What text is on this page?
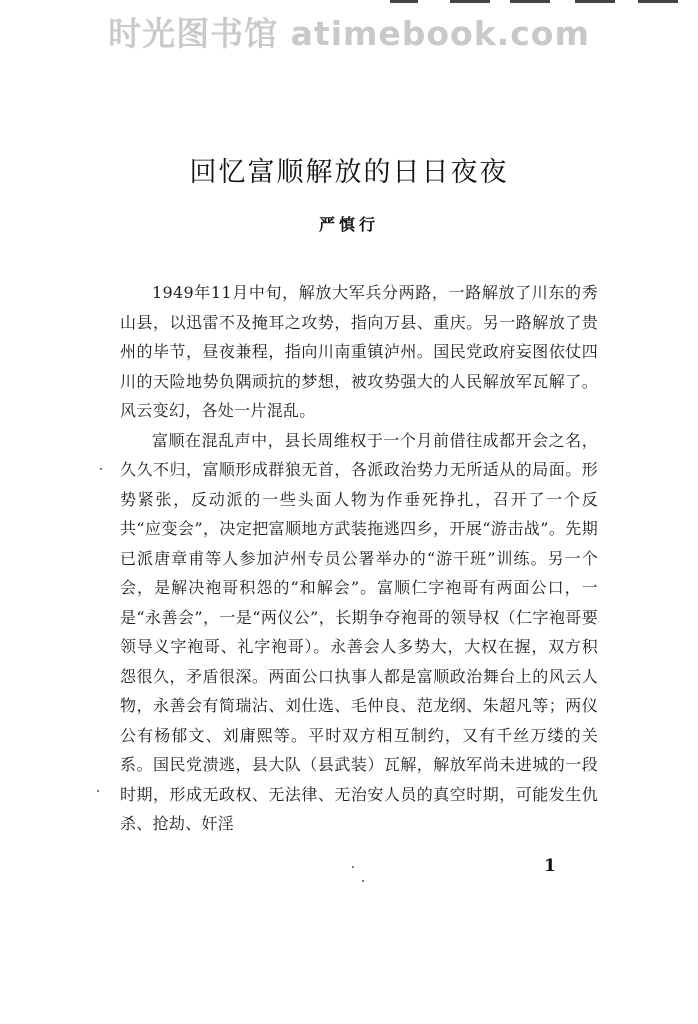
时光图书馆 atimebook.com
回忆富顺解放的日日夜夜
严慎行

1949年11月中旬，解放大军兵分两路，一路解放了川东的秀山县，以迅雷不及掩耳之攻势，指向万县、重庆。另一路解放了贵州的毕节，昼夜兼程，指向川南重镇泸州。国民党政府妄图依仗四川的天险地势负隅顽抗的梦想，被攻势强大的人民解放军瓦解了。风云变幻，各处一片混乱。

富顺在混乱声中，县长周维权于一个月前借往成都开会之名，久久不归，富顺形成群狼无首，各派政治势力无所适从的局面。形势紧张，反动派的一些头面人物为作垂死挣扎，召开了一个反共“应变会”，决定把富顺地方武装拖逃四乡，开展“游击战”。先期已派唐章甫等人参加泸州专员公署举办的“游干班”训练。另一个会，是解决袍哥积怨的“和解会”。富顺仁字袍哥有两面公口，一是“永善会”，一是“两仪公”，长期争夺袍哥的领导权（仁字袍哥要领导义字袍哥、礼字袍哥）。永善会人多势大，大权在握，双方积怨很久，矛盾很深。两面公口执事人都是富顺政治舞台上的风云人物，永善会有简瑞沾、刘仕选、毛仲良、范龙纲、朱超凡等；两仪公有杨郁文、刘庸熙等。平时双方相互制约，又有千丝万缕的关系。国民党溃逃，县大队（县武装）瓦解，解放军尚未进城的一段时期，形成无政权、无法律、无治安人员的真空时期，可能发生仇杀、抢劫、奸淫

1
